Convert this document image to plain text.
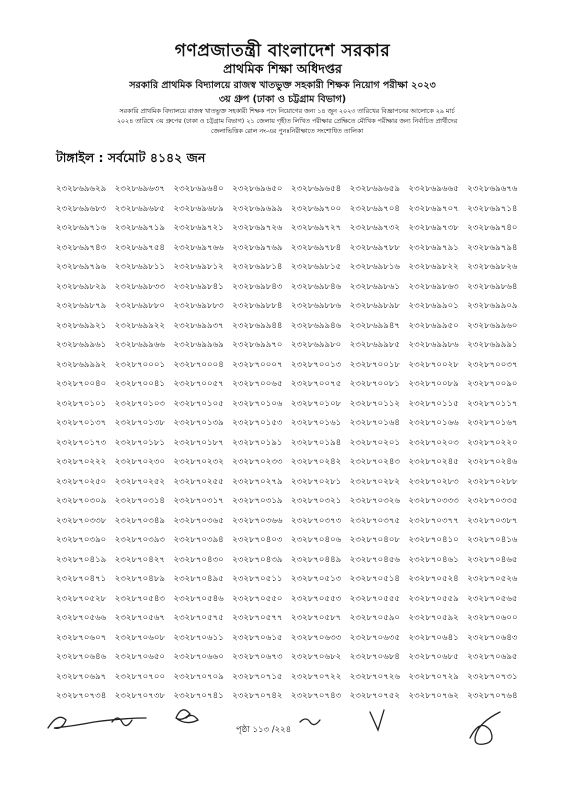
গণপ্রজাতন্ত্রী বাংলাদেশ সরকার
প্রাথমিক শিক্ষা অধিদপ্তর
সরকারি প্রাথমিক বিদ্যালয়ে রাজস্ব খাতভুক্ত সহকারী শিক্ষক নিয়োগ পরীক্ষা ২০২৩
৩য় গ্রুপ (ঢাকা ও চট্টগ্রাম বিভাগ)
সরকারি প্রাথমিক বিদ্যালয়ে রাজস্ব খাতভুক্ত সহকারী শিক্ষক পদে নিয়োগের জন্য ১৪ জুন ২০২৩ তারিখের বিজ্ঞাপনের আলোকে ২৯ মার্চ
২০২৪ তারিখে ৩য় গ্রুপের (ঢাকা ও চট্টগ্রাম বিভাগ) ২১ জেলায় গৃহীত লিখিত পরীক্ষার প্রেক্ষিতে মৌখিক পরীক্ষার জন্য নির্বাচিত প্রার্থীদের
জেলাভিত্তিক রোল নং-এর পুনঃনিরীক্ষাতে সংশোধিত তালিকা
টাঙ্গাইল : সর্বমোট ৪১৪২ জন
২৩২৮৬৯৬২৯ ২৩২৮৬৯৬৩৭ ২৩২৮৬৯৬৪০ ২৩২৮৬৯৬৫০ ২৩২৮৬৯৬৫৪ ২৩২৮৬৯৬৫৯ ২৩২৮৬৯৬৬৫ ২৩২৮৬৯৬৭৬
২৩২৮৬৯৬৮৩ ২৩২৮৬৯৬৮৫ ২৩২৮৬৯৬৮৯ ২৩২৮৬৯৬৯৯ ২৩২৮৬৯৭০০ ২৩২৮৬৯৭০৪ ২৩২৮৬৯৭০৭ ২৩২৮৬৯৭১৪
২৩২৮৬৯৭১৬ ২৩২৮৬৯৭১৯ ২৩২৮৬৯৭২১ ২৩২৮৬৯৭২৬ ২৩২৮৬৯৭২৭ ২৩২৮৬৯৭৩২ ২৩২৮৬৯৭৩৮ ২৩২৮৬৯৭৪০
২৩২৮৬৯৭৪৩ ২৩২৮৬৯৭৫৪ ২৩২৮৬৯৭৬৬ ২৩২৮৬৯৭৬৯ ২৩২৮৬৯৭৮৪ ২৩২৮৬৯৭৮৮ ২৩২৮৬৯৭৯১ ২৩২৮৬৯৭৯৪
২৩২৮৬৯৭৯৬ ২৩২৮৬৯৮১১ ২৩২৮৬৯৮১২ ২৩২৮৬৯৮১৪ ২৩২৮৬৯৮১৫ ২৩২৮৬৯৮১৬ ২৩২৮৬৯৮২২ ২৩২৮৬৯৮২৬
২৩২৮৬৯৮২৯ ২৩২৮৬৯৮৩৩ ২৩২৮৬৯৮৪১ ২৩২৮৬৯৮৪৩ ২৩২৮৬৯৮৪৬ ২৩২৮৬৯৮৬১ ২৩২৮৬৯৮৬৩ ২৩২৮৬৯৮৬৪
২৩২৮৬৯৮৭৯ ২৩২৮৬৯৮৮০ ২৩২৮৬৯৮৮৩ ২৩২৮৬৯৮৮৪ ২৩২৮৬৯৮৮৬ ২৩২৮৬৯৮৯৮ ২৩২৮৬৯৯০১ ২৩২৮৬৯৯০৯
২৩২৮৬৯৯২১ ২৩২৮৬৯৯২২ ২৩২৮৬৯৯৩৭ ২৩২৮৬৯৯৪৪ ২৩২৮৬৯৯৪৬ ২৩২৮৬৯৯৪৭ ২৩২৮৬৯৯৫০ ২৩২৮৬৯৯৬০
২৩২৮৬৯৯৬১ ২৩২৮৬৯৯৬৬ ২৩২৮৬৯৯৬৯ ২৩২৮৬৯৯৭০ ২৩২৮৬৯৯৮০ ২৩২৮৬৯৯৮৫ ২৩২৮৬৯৯৮৬ ২৩২৮৬৯৯৯১
২৩২৮৬৯৯৯২ ২৩২৮৭০০০১ ২৩২৮৭০০০৪ ২৩২৮৭০০০৭ ২৩২৮৭০০১৩ ২৩২৮৭০০১৮ ২৩২৮৭০০২৮ ২৩২৮৭০০৩৭
২৩২৮৭০০৪০ ২৩২৮৭০০৪১ ২৩২৮৭০০৫৭ ২৩২৮৭০০৬৫ ২৩২৮৭০০৭৫ ২৩২৮৭০০৮১ ২৩২৮৭০০৮৯ ২৩২৮৭০০৯০
২৩২৮৭০১০১ ২৩২৮৭০১০৩ ২৩২৮৭০১০৫ ২৩২৮৭০১০৬ ২৩২৮৭০১০৮ ২৩২৮৭০১১২ ২৩২৮৭০১১৫ ২৩২৮৭০১১৭
২৩২৮৭০১৩৭ ২৩২৮৭০১৩৮ ২৩২৮৭০১৩৯ ২৩২৮৭০১৫৩ ২৩২৮৭০১৬১ ২৩২৮৭০১৬৪ ২৩২৮৭০১৬৬ ২৩২৮৭০১৬৭
২৩২৮৭০১৭৩ ২৩২৮৭০১৮১ ২৩২৮৭০১৮৭ ২৩২৮৭০১৯১ ২৩২৮৭০১৯৪ ২৩২৮৭০২০১ ২৩২৮৭০২০৩ ২৩২৮৭০২২০
২৩২৮৭০২২২ ২৩২৮৭০২৩০ ২৩২৮৭০২৩২ ২৩২৮৭০২৩৩ ২৩২৮৭০২৪২ ২৩২৮৭০২৪৩ ২৩২৮৭০২৪৫ ২৩২৮৭০২৪৬
২৩২৮৭০২৫০ ২৩২৮৭০২৫২ ২৩২৮৭০২৫৫ ২৩২৮৭০২৭৯ ২৩২৮৭০২৮১ ২৩২৮৭০২৮২ ২৩২৮৭০২৮৩ ২৩২৮৭০২৮৮
২৩২৮৭০৩০৯ ২৩২৮৭০৩১৪ ২৩২৮৭০৩১৭ ২৩২৮৭০৩১৯ ২৩২৮৭০৩২১ ২৩২৮৭০৩২৬ ২৩২৮৭০৩৩৩ ২৩২৮৭০৩৩৫
২৩২৮৭০৩৩৮ ২৩২৮৭০৩৪৯ ২৩২৮৭০৩৬৫ ২৩২৮৭০৩৬৬ ২৩২৮৭০৩৭৩ ২৩২৮৭০৩৭৫ ২৩২৮৭০৩৭৭ ২৩২৮৭০৩৮৭
২৩২৮৭০৩৯০ ২৩২৮৭০৩৯৩ ২৩২৮৭০৩৯৪ ২৩২৮৭০৪০৩ ২৩২৮৭০৪০৬ ২৩২৮৭০৪০৮ ২৩২৮৭০৪১০ ২৩২৮৭০৪১৬
২৩২৮৭০৪১৯ ২৩২৮৭০৪২৭ ২৩২৮৭০৪৩০ ২৩২৮৭০৪৩৯ ২৩২৮৭০৪৪৯ ২৩২৮৭০৪৫৬ ২৩২৮৭০৪৬১ ২৩২৮৭০৪৬৫
২৩২৮৭০৪৭১ ২৩২৮৭০৪৮৯ ২৩২৮৭০৪৯৫ ২৩২৮৭০৫১১ ২৩২৮৭০৫১৩ ২৩২৮৭০৫১৪ ২৩২৮৭০৫২৪ ২৩২৮৭০৫২৬
২৩২৮৭০৫২৮ ২৩২৮৭০৫৪৩ ২৩২৮৭০৫৪৬ ২৩২৮৭০৫৫০ ২৩২৮৭০৫৫৩ ২৩২৮৭০৫৫৫ ২৩২৮৭০৫৫৯ ২৩২৮৭০৫৬৫
২৩২৮৭০৫৬৬ ২৩২৮৭০৫৬৭ ২৩২৮৭০৫৭৫ ২৩২৮৭০৫৭৭ ২৩২৮৭০৫৮৭ ২৩২৮৭০৫৯০ ২৩২৮৭০৫৯২ ২৩২৮৭০৬০০
২৩২৮৭০৬০৭ ২৩২৮৭০৬০৮ ২৩২৮৭০৬১১ ২৩২৮৭০৬১৫ ২৩২৮৭০৬৩৩ ২৩২৮৭০৬৩৫ ২৩২৮৭০৬৪১ ২৩২৮৭০৬৪৩
২৩২৮৭০৬৪৬ ২৩২৮৭০৬৫০ ২৩২৮৭০৬৬০ ২৩২৮৭০৬৭৩ ২৩২৮৭০৬৮২ ২৩২৮৭০৬৮৪ ২৩২৮৭০৬৮৫ ২৩২৮৭০৬৯৫
২৩২৮৭০৬৯৭ ২৩২৮৭০৭০০ ২৩২৮৭০৭০৯ ২৩২৮৭০৭১৫ ২৩২৮৭০৭২২ ২৩২৮৭০৭২৬ ২৩২৮৭০৭২৯ ২৩২৮৭০৭৩১
২৩২৮৭০৭৩৪ ২৩২৮৭০৭৩৮ ২৩২৮৭০৭৪১ ২৩২৮৭০৭৪২ ২৩২৮৭০৭৪৩ ২৩২৮৭০৭৫২ ২৩২৮৭০৭৬২ ২৩২৮৭০৭৬৪
পৃষ্ঠা ১১৩ /২২৪
